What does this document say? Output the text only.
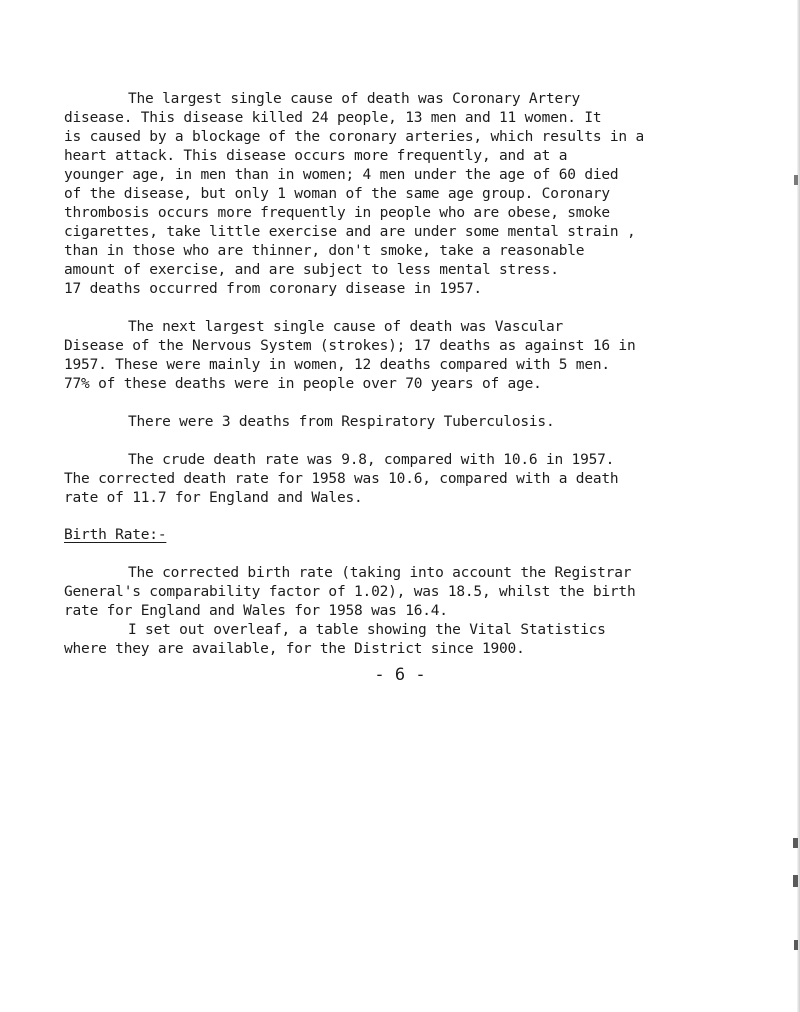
The largest single cause of death was Coronary Artery

disease. This disease killed 24 people, 13 men and 11 women. It

is caused by a blockage of the coronary arteries, which results in a

heart attack. This disease occurs more frequently, and at a

younger age, in men than in women; 4 men under the age of 60 died

of the disease, but only 1 woman of the same age group. Coronary

thrombosis occurs more frequently in people who are obese, smoke

cigarettes, take little exercise and are under some mental strain ,

than in those who are thinner, don't smoke, take a reasonable

amount of exercise, and are subject to less mental stress.

17 deaths occurred from coronary disease in 1957.

The next largest single cause of death was Vascular

Disease of the Nervous System (strokes); 17 deaths as against 16 in

1957. These were mainly in women, 12 deaths compared with 5 men.

77% of these deaths were in people over 70 years of age.

There were 3 deaths from Respiratory Tuberculosis.

The crude death rate was 9.8, compared with 10.6 in 1957.

The corrected death rate for 1958 was 10.6, compared with a death

rate of 11.7 for England and Wales.

Birth Rate:-

The corrected birth rate (taking into account the Registrar

General's comparability factor of 1.02), was 18.5, whilst the birth

rate for England and Wales for 1958 was 16.4.

I set out overleaf, a table showing the Vital Statistics

where they are available, for the District since 1900.

- 6 -
